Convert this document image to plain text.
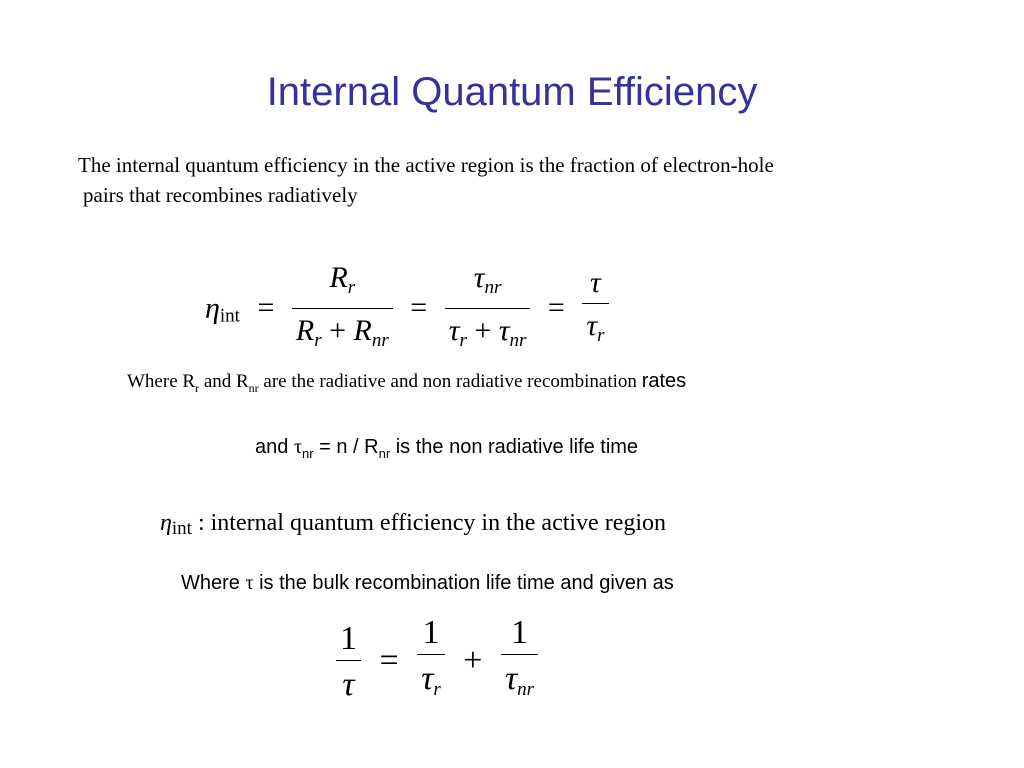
Internal Quantum Efficiency
The internal quantum efficiency in the active region is the fraction of electron-hole
pairs that recombines radiatively
$\eta int = \frac{R_r}{R_r + R_{nr}} = \frac{\tau_{nr}}{\tau_r + \tau_{nr}} = \frac{\tau}{\tau_r}$
Where $R_r$ and $R_{nr}$ are the radiative and non radiative recombination rates
and $\tau_{nr} = n / R_{nr}$ is the non radiative life time
ηint : internal quantum efficiency in the active region
Where τ is the bulk recombination life time and given as
$\frac{1}{\tau} = \frac{1}{\tau_r} + \frac{1}{\tau_{nr}}$
